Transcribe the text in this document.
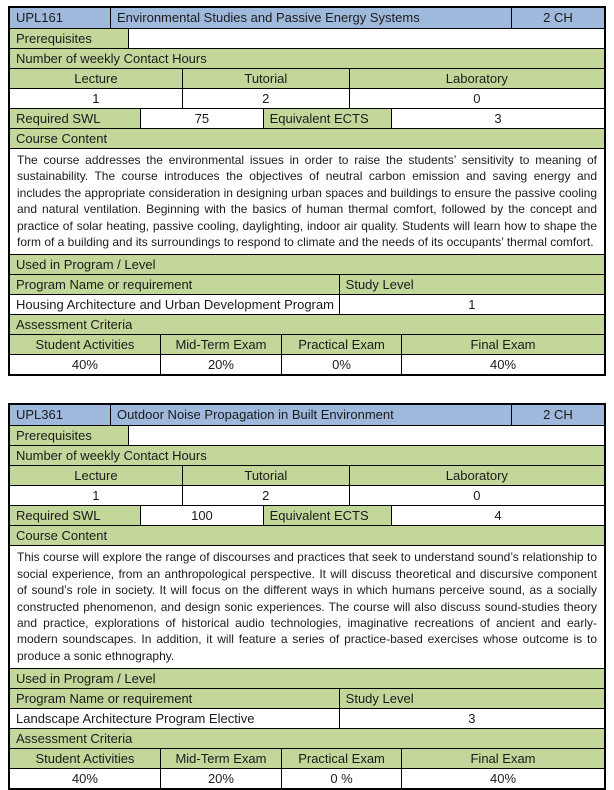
UPL161	Environmental Studies and Passive Energy Systems	2 CH
Prerequisites
Number of weekly Contact Hours
Lecture	Tutorial	Laboratory
1	2	0
Required SWL	75	Equivalent ECTS	3
Course Content
The course addresses the environmental issues in order to raise the students’ sensitivity to meaning of sustainability. The course introduces the objectives of neutral carbon emission and saving energy and includes the appropriate consideration in designing urban spaces and buildings to ensure the passive cooling and natural ventilation. Beginning with the basics of human thermal comfort, followed by the concept and practice of solar heating, passive cooling, daylighting, indoor air quality. Students will learn how to shape the form of a building and its surroundings to respond to climate and the needs of its occupants’ thermal comfort.
Used in Program / Level
Program Name or requirement	Study Level
Housing Architecture and Urban Development Program	1
Assessment Criteria
Student Activities	Mid-Term Exam	Practical Exam	Final Exam
40%	20%	0%	40%
UPL361	Outdoor Noise Propagation in Built Environment	2 CH
Prerequisites
Number of weekly Contact Hours
Lecture	Tutorial	Laboratory
1	2	0
Required SWL	100	Equivalent ECTS	4
Course Content
This course will explore the range of discourses and practices that seek to understand sound’s relationship to social experience, from an anthropological perspective. It will discuss theoretical and discursive component of sound’s role in society. It will focus on the different ways in which humans perceive sound, as a socially constructed phenomenon, and design sonic experiences. The course will also discuss sound-studies theory and practice, explorations of historical audio technologies, imaginative recreations of ancient and early-modern soundscapes. In addition, it will feature a series of practice-based exercises whose outcome is to produce a sonic ethnography.
Used in Program / Level
Program Name or requirement	Study Level
Landscape Architecture Program Elective	3
Assessment Criteria
Student Activities	Mid-Term Exam	Practical Exam	Final Exam
40%	20%	0 %	40%
